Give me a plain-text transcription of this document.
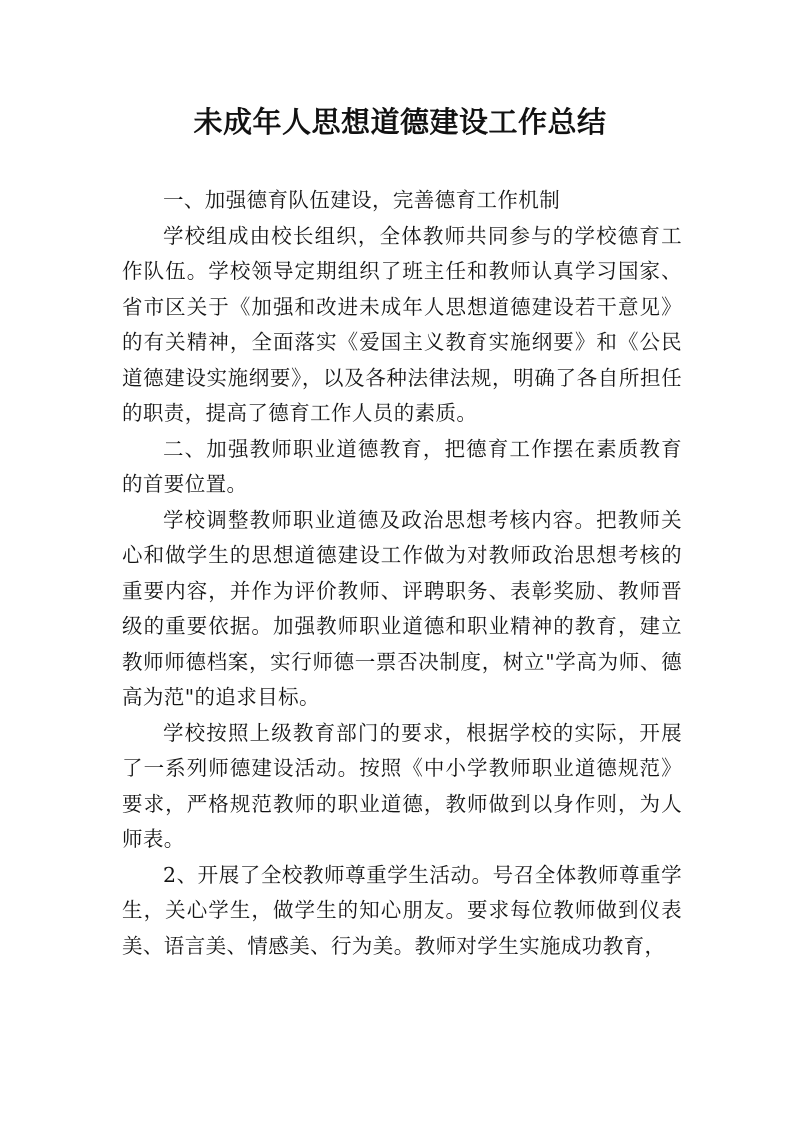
未成年人思想道德建设工作总结

一、加强德育队伍建设，完善德育工作机制

学校组成由校长组织，全体教师共同参与的学校德育工作队伍。学校领导定期组织了班主任和教师认真学习国家、省市区关于《加强和改进未成年人思想道德建设若干意见》的有关精神，全面落实《爱国主义教育实施纲要》和《公民道德建设实施纲要》，以及各种法律法规，明确了各自所担任的职责，提高了德育工作人员的素质。

二、加强教师职业道德教育，把德育工作摆在素质教育的首要位置。

学校调整教师职业道德及政治思想考核内容。把教师关心和做学生的思想道德建设工作做为对教师政治思想考核的重要内容，并作为评价教师、评聘职务、表彰奖励、教师晋级的重要依据。加强教师职业道德和职业精神的教育，建立教师师德档案，实行师德一票否决制度，树立"学高为师、德高为范"的追求目标。

学校按照上级教育部门的要求，根据学校的实际，开展了一系列师德建设活动。按照《中小学教师职业道德规范》要求，严格规范教师的职业道德，教师做到以身作则，为人师表。

2、开展了全校教师尊重学生活动。号召全体教师尊重学生，关心学生，做学生的知心朋友。要求每位教师做到仪表美、语言美、情感美、行为美。教师对学生实施成功教育，
